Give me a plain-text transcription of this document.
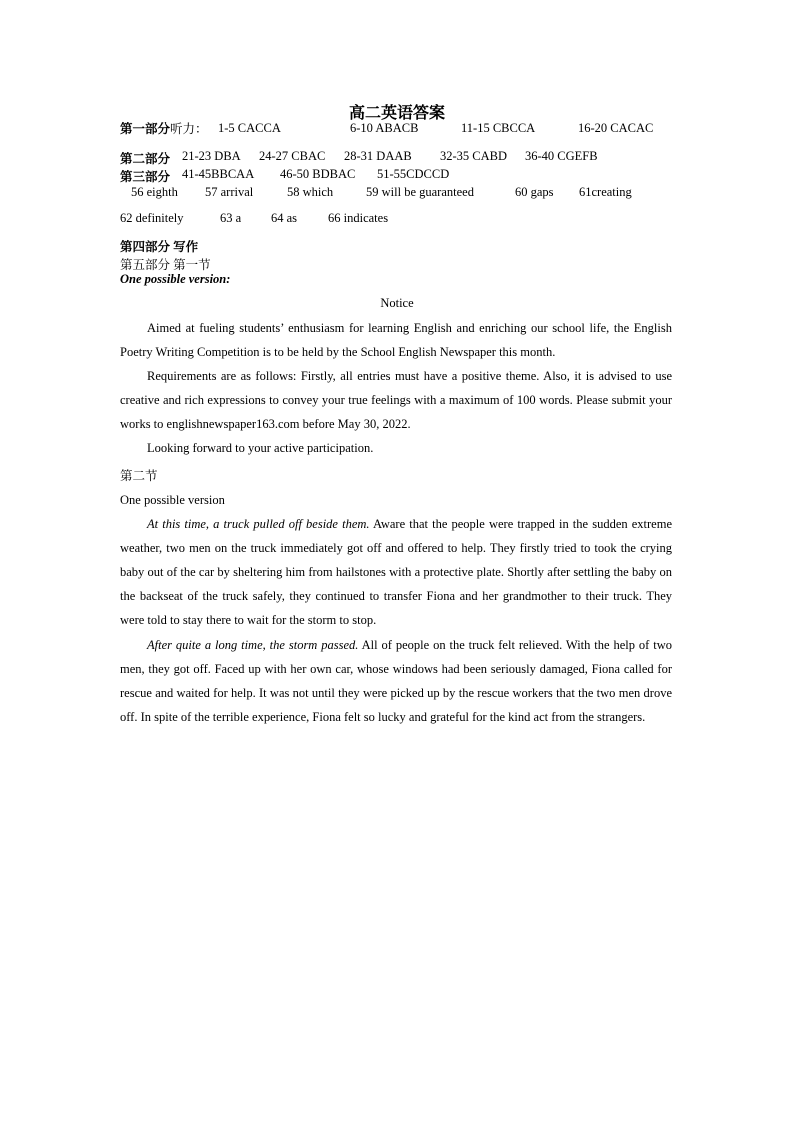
高二英语答案
第一部分听力： 1-5 CACCA	6-10 ABACB	11-15 CBCCA	16-20 CACAC
第二部分 21-23 DBA 24-27 CBAC 28-31 DAAB 32-35 CABD 36-40 CGEFB
第三部分 41-45BBCAA 46-50 BDBAC 51-55CDCCD
56 eighth 57 arrival	58 which	59 will be guaranteed	60 gaps 61creating
62 definitely	63 a 64 as 66 indicates
第四部分 写作
第五部分 第一节
One possible version:
Notice
Aimed at fueling students’ enthusiasm for learning English and enriching our school life, the English Poetry Writing Competition is to be held by the School English Newspaper this month.
Requirements are as follows: Firstly, all entries must have a positive theme. Also, it is advised to use creative and rich expressions to convey your true feelings with a maximum of 100 words. Please submit your works to englishnewspaper163.com before May 30, 2022.
Looking forward to your active participation.
第二节
One possible version
At this time, a truck pulled off beside them. Aware that the people were trapped in the sudden extreme weather, two men on the truck immediately got off and offered to help. They firstly tried to took the crying baby out of the car by sheltering him from hailstones with a protective plate. Shortly after settling the baby on the backseat of the truck safely, they continued to transfer Fiona and her grandmother to their truck. They were told to stay there to wait for the storm to stop.
After quite a long time, the storm passed. All of people on the truck felt relieved. With the help of two men, they got off. Faced up with her own car, whose windows had been seriously damaged, Fiona called for rescue and waited for help. It was not until they were picked up by the rescue workers that the two men drove off. In spite of the terrible experience, Fiona felt so lucky and grateful for the kind act from the strangers.
